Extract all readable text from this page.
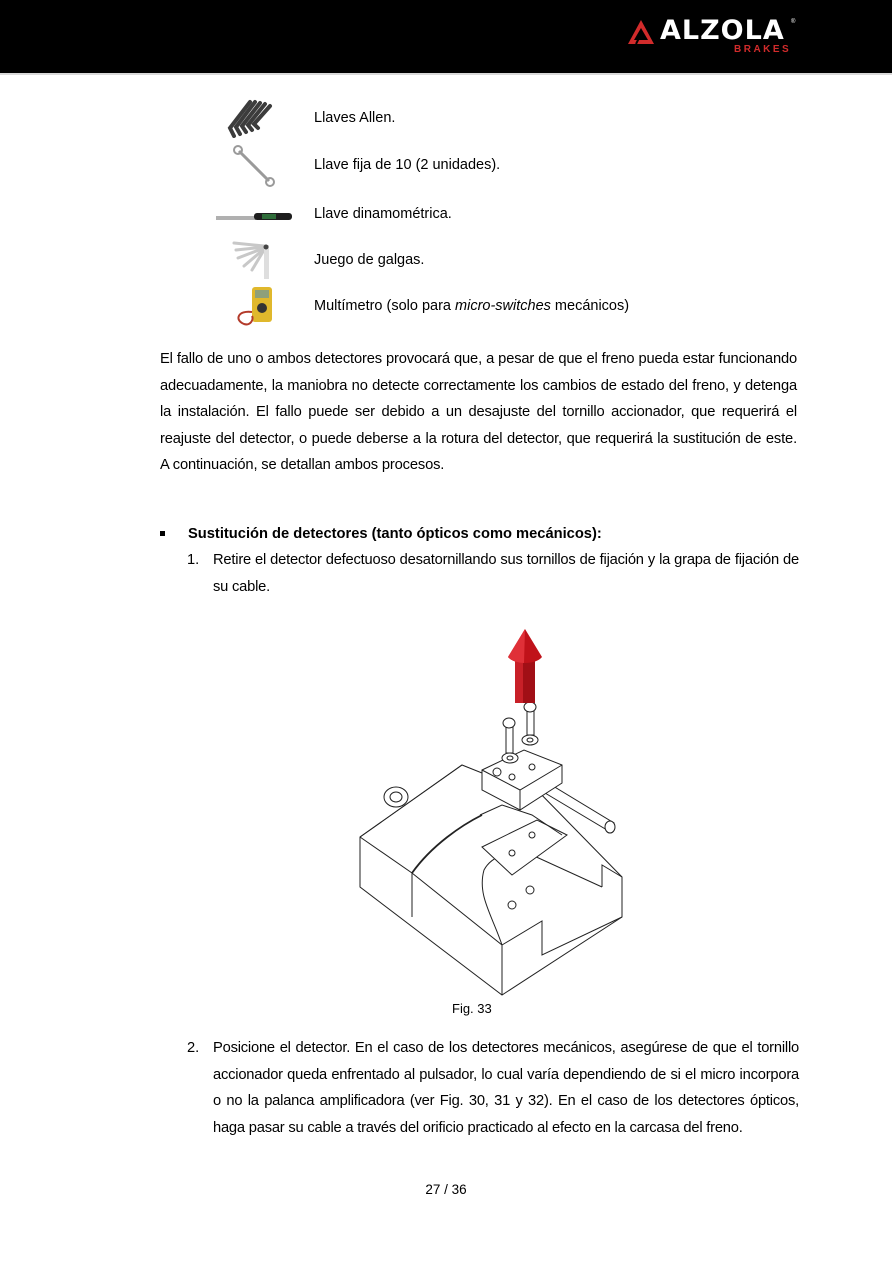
ALZOLA ®
BRAKES
Llaves Allen.
Llave fija de 10 (2 unidades).
Llave dinamométrica.
Juego de galgas.
Multímetro (solo para micro-switches mecánicos)

El fallo de uno o ambos detectores provocará que, a pesar de que el freno pueda estar funcionando adecuadamente, la maniobra no detecte correctamente los cambios de estado del freno, y detenga la instalación. El fallo puede ser debido a un desajuste del tornillo accionador, que requerirá el reajuste del detector, o puede deberse a la rotura del detector, que requerirá la sustitución de este. A continuación, se detallan ambos procesos.

Sustitución de detectores (tanto ópticos como mecánicos):
1. Retire el detector defectuoso desatornillando sus tornillos de fijación y la grapa de fijación de su cable.
Fig. 33
2. Posicione el detector. En el caso de los detectores mecánicos, asegúrese de que el tornillo accionador queda enfrentado al pulsador, lo cual varía dependiendo de si el micro incorpora o no la palanca amplificadora (ver Fig. 30, 31 y 32). En el caso de los detectores ópticos, haga pasar su cable a través del orificio practicado al efecto en la carcasa del freno.
27 / 36
